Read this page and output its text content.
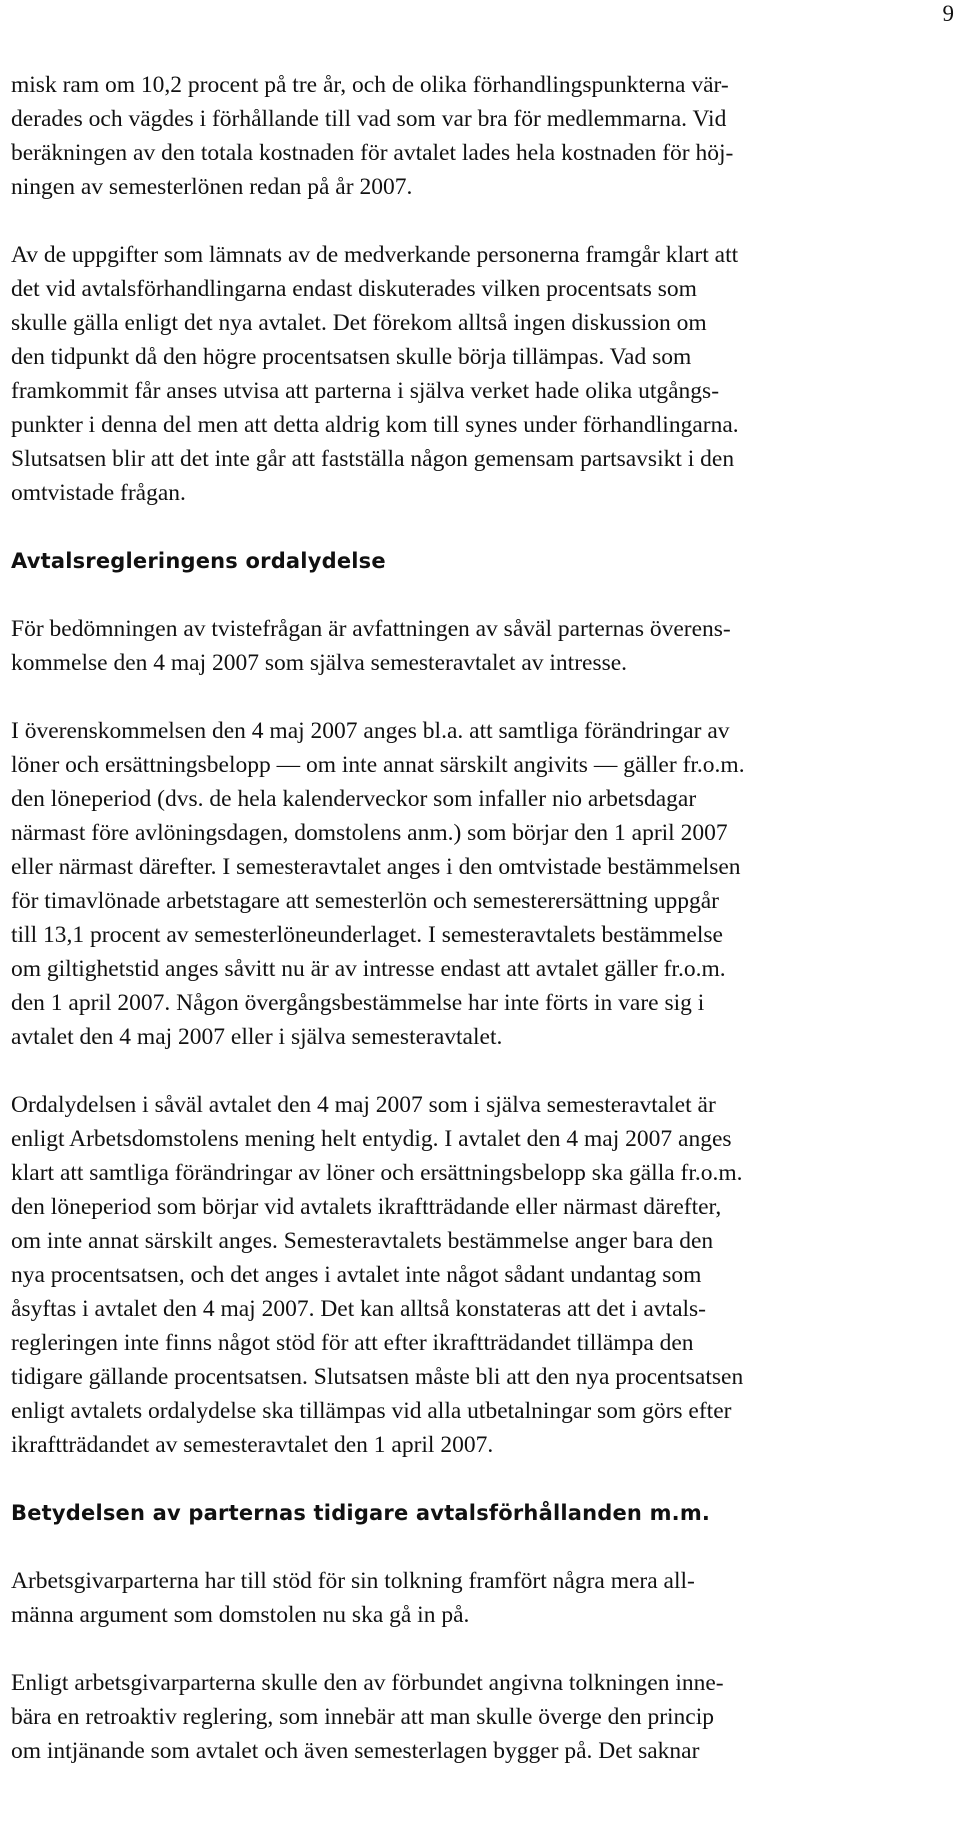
9

misk ram om 10,2 procent på tre år, och de olika förhandlingspunkterna vär-
derades och vägdes i förhållande till vad som var bra för medlemmarna. Vid
beräkningen av den totala kostnaden för avtalet lades hela kostnaden för höj-
ningen av semesterlönen redan på år 2007.

Av de uppgifter som lämnats av de medverkande personerna framgår klart att
det vid avtalsförhandlingarna endast diskuterades vilken procentsats som
skulle gälla enligt det nya avtalet. Det förekom alltså ingen diskussion om
den tidpunkt då den högre procentsatsen skulle börja tillämpas. Vad som
framkommit får anses utvisa att parterna i själva verket hade olika utgångs-
punkter i denna del men att detta aldrig kom till synes under förhandlingarna.
Slutsatsen blir att det inte går att fastställa någon gemensam partsavsikt i den
omtvistade frågan.

Avtalsregleringens ordalydelse

För bedömningen av tvistefrågan är avfattningen av såväl parternas överens-
kommelse den 4 maj 2007 som själva semesteravtalet av intresse.

I överenskommelsen den 4 maj 2007 anges bl.a. att samtliga förändringar av
löner och ersättningsbelopp — om inte annat särskilt angivits — gäller fr.o.m.
den löneperiod (dvs. de hela kalenderveckor som infaller nio arbetsdagar
närmast före avlöningsdagen, domstolens anm.) som börjar den 1 april 2007
eller närmast därefter. I semesteravtalet anges i den omtvistade bestämmelsen
för timavlönade arbetstagare att semesterlön och semesterersättning uppgår
till 13,1 procent av semesterlöneunderlaget. I semesteravtalets bestämmelse
om giltighetstid anges såvitt nu är av intresse endast att avtalet gäller fr.o.m.
den 1 april 2007. Någon övergångsbestämmelse har inte förts in vare sig i
avtalet den 4 maj 2007 eller i själva semesteravtalet.

Ordalydelsen i såväl avtalet den 4 maj 2007 som i själva semesteravtalet är
enligt Arbetsdomstolens mening helt entydig. I avtalet den 4 maj 2007 anges
klart att samtliga förändringar av löner och ersättningsbelopp ska gälla fr.o.m.
den löneperiod som börjar vid avtalets ikraftträdande eller närmast därefter,
om inte annat särskilt anges. Semesteravtalets bestämmelse anger bara den
nya procentsatsen, och det anges i avtalet inte något sådant undantag som
åsyftas i avtalet den 4 maj 2007. Det kan alltså konstateras att det i avtals-
regleringen inte finns något stöd för att efter ikraftträdandet tillämpa den
tidigare gällande procentsatsen. Slutsatsen måste bli att den nya procentsatsen
enligt avtalets ordalydelse ska tillämpas vid alla utbetalningar som görs efter
ikraftträdandet av semesteravtalet den 1 april 2007.

Betydelsen av parternas tidigare avtalsförhållanden m.m.

Arbetsgivarparterna har till stöd för sin tolkning framfört några mera all-
männa argument som domstolen nu ska gå in på.

Enligt arbetsgivarparterna skulle den av förbundet angivna tolkningen inne-
bära en retroaktiv reglering, som innebär att man skulle överge den princip
om intjänande som avtalet och även semesterlagen bygger på. Det saknar
